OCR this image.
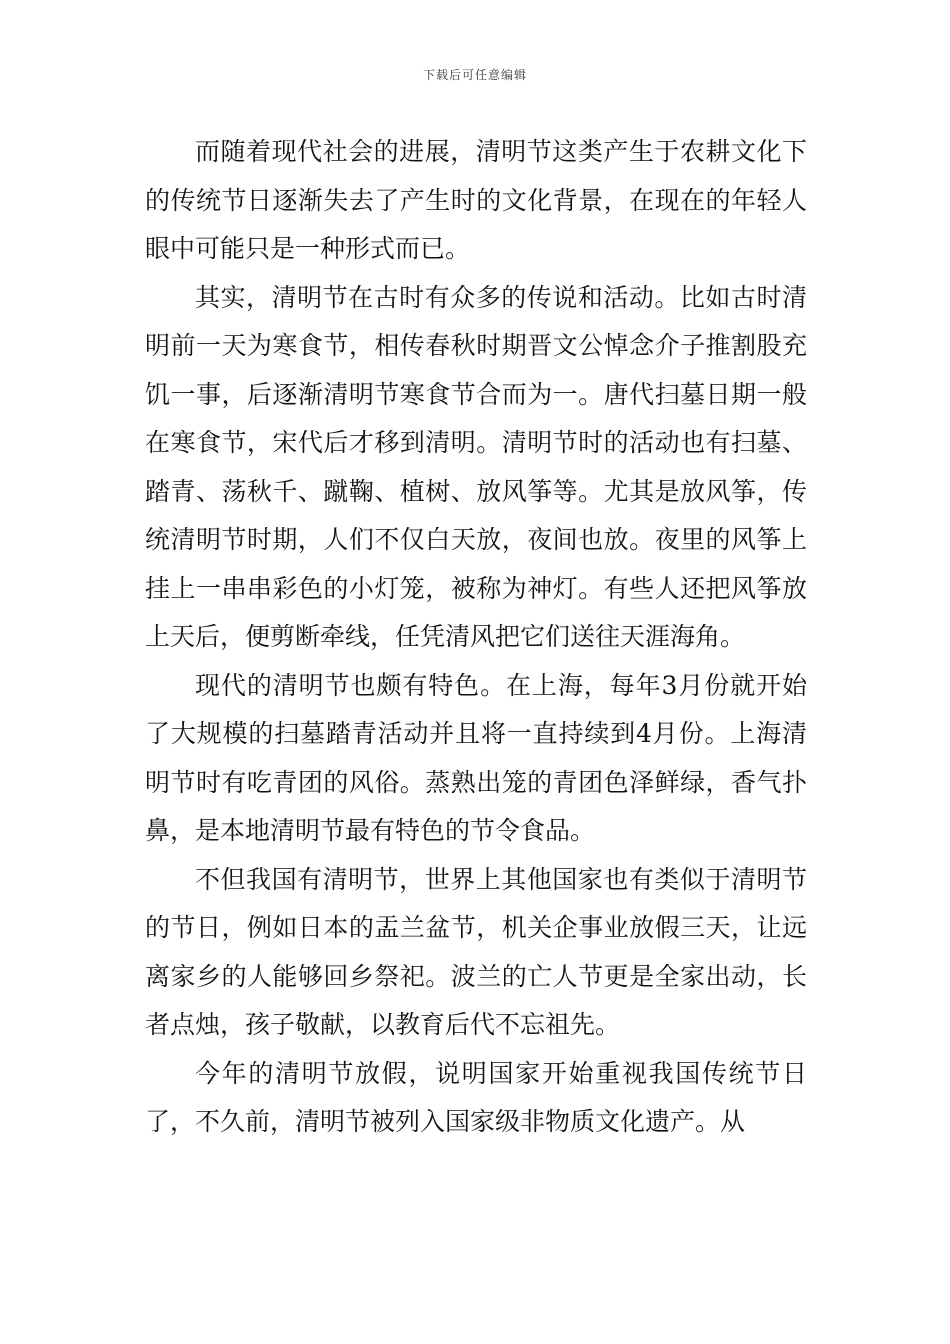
下载后可任意编辑

而随着现代社会的进展，清明节这类产生于农耕文化下的传统节日逐渐失去了产生时的文化背景，在现在的年轻人眼中可能只是一种形式而已。

其实，清明节在古时有众多的传说和活动。比如古时清明前一天为寒食节，相传春秋时期晋文公悼念介子推割股充饥一事，后逐渐清明节寒食节合而为一。唐代扫墓日期一般在寒食节，宋代后才移到清明。清明节时的活动也有扫墓、踏青、荡秋千、蹴鞠、植树、放风筝等。尤其是放风筝，传统清明节时期，人们不仅白天放，夜间也放。夜里的风筝上挂上一串串彩色的小灯笼，被称为神灯。有些人还把风筝放上天后，便剪断牵线，任凭清风把它们送往天涯海角。

现代的清明节也颇有特色。在上海，每年3月份就开始了大规模的扫墓踏青活动并且将一直持续到4月份。上海清明节时有吃青团的风俗。蒸熟出笼的青团色泽鲜绿，香气扑鼻，是本地清明节最有特色的节令食品。

不但我国有清明节，世界上其他国家也有类似于清明节的节日，例如日本的盂兰盆节，机关企事业放假三天，让远离家乡的人能够回乡祭祀。波兰的亡人节更是全家出动，长者点烛，孩子敬献，以教育后代不忘祖先。

今年的清明节放假，说明国家开始重视我国传统节日了，不久前，清明节被列入国家级非物质文化遗产。从
